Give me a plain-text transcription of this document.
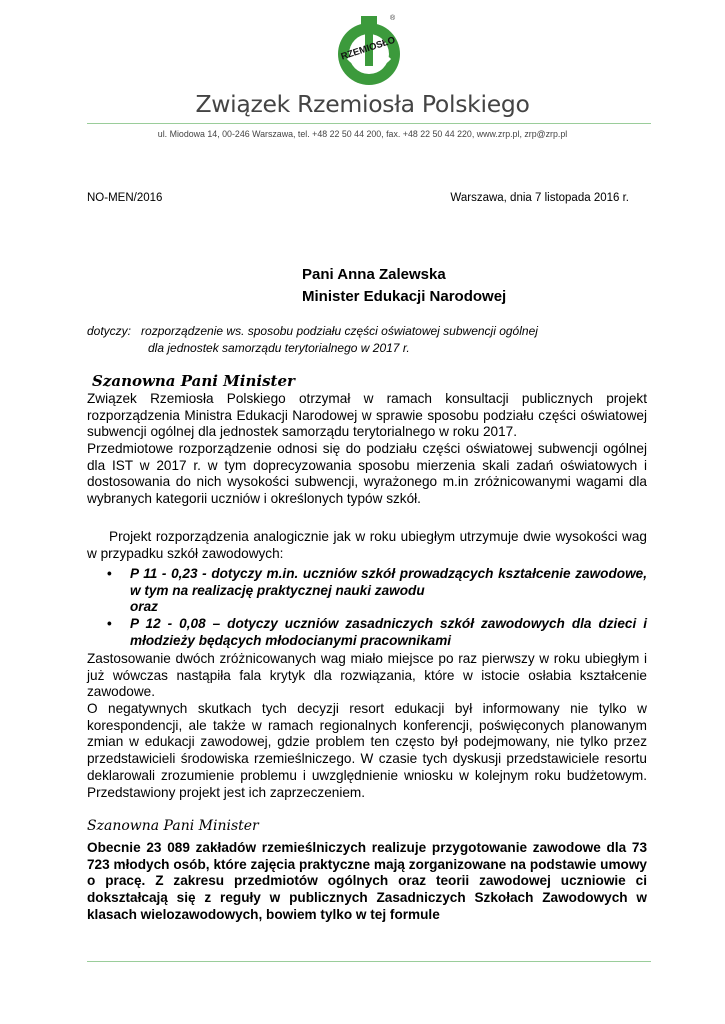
RZEMIOSŁO
®
Związek Rzemiosła Polskiego
ul. Miodowa 14, 00-246 Warszawa, tel. +48 22 50 44 200, fax. +48 22 50 44 220, www.zrp.pl, zrp@zrp.pl
NO-MEN/2016	Warszawa, dnia 7 listopada 2016 r.
Pani Anna Zalewska
Minister Edukacji Narodowej
dotyczy:   rozporządzenie ws. sposobu podziału części oświatowej subwencji ogólnej
dla jednostek samorządu terytorialnego w 2017 r.
Szanowna Pani Minister

Związek Rzemiosła Polskiego otrzymał w ramach konsultacji publicznych projekt rozporządzenia Ministra Edukacji Narodowej w sprawie sposobu podziału części oświatowej subwencji ogólnej dla jednostek samorządu terytorialnego w roku 2017.

Przedmiotowe rozporządzenie odnosi się do podziału części oświatowej subwencji ogólnej dla IST w 2017 r. w tym doprecyzowania sposobu mierzenia skali zadań oświatowych i dostosowania do nich wysokości subwencji, wyrażonego m.in zróżnicowanymi wagami dla wybranych kategorii uczniów i określonych typów szkół.

Projekt rozporządzenia analogicznie jak w roku ubiegłym utrzymuje dwie wysokości wag w przypadku szkół zawodowych:

• P 11 - 0,23 - dotyczy m.in. uczniów szkół prowadzących kształcenie zawodowe, w tym na realizację praktycznej nauki zawodu
oraz
• P 12 - 0,08 – dotyczy uczniów zasadniczych szkół zawodowych dla dzieci i młodzieży będących młodocianymi pracownikami

Zastosowanie dwóch zróżnicowanych wag miało miejsce po raz pierwszy w roku ubiegłym i już wówczas nastąpiła fala krytyk dla rozwiązania, które w istocie osłabia kształcenie zawodowe.

O negatywnych skutkach tych decyzji resort edukacji był informowany nie tylko w korespondencji, ale także w ramach regionalnych konferencji, poświęconych planowanym zmian w edukacji zawodowej, gdzie problem ten często był podejmowany, nie tylko przez przedstawicieli środowiska rzemieślniczego. W czasie tych dyskusji przedstawiciele resortu deklarowali zrozumienie problemu i uwzględnienie wniosku w kolejnym roku budżetowym. Przedstawiony projekt jest ich zaprzeczeniem.

Szanowna Pani Minister

Obecnie 23 089 zakładów rzemieślniczych realizuje przygotowanie zawodowe dla 73 723 młodych osób, które zajęcia praktyczne mają zorganizowane na podstawie umowy o pracę. Z zakresu przedmiotów ogólnych oraz teorii zawodowej uczniowie ci dokształcają się z reguły w publicznych Zasadniczych Szkołach Zawodowych w klasach wielozawodowych, bowiem tylko w tej formule
